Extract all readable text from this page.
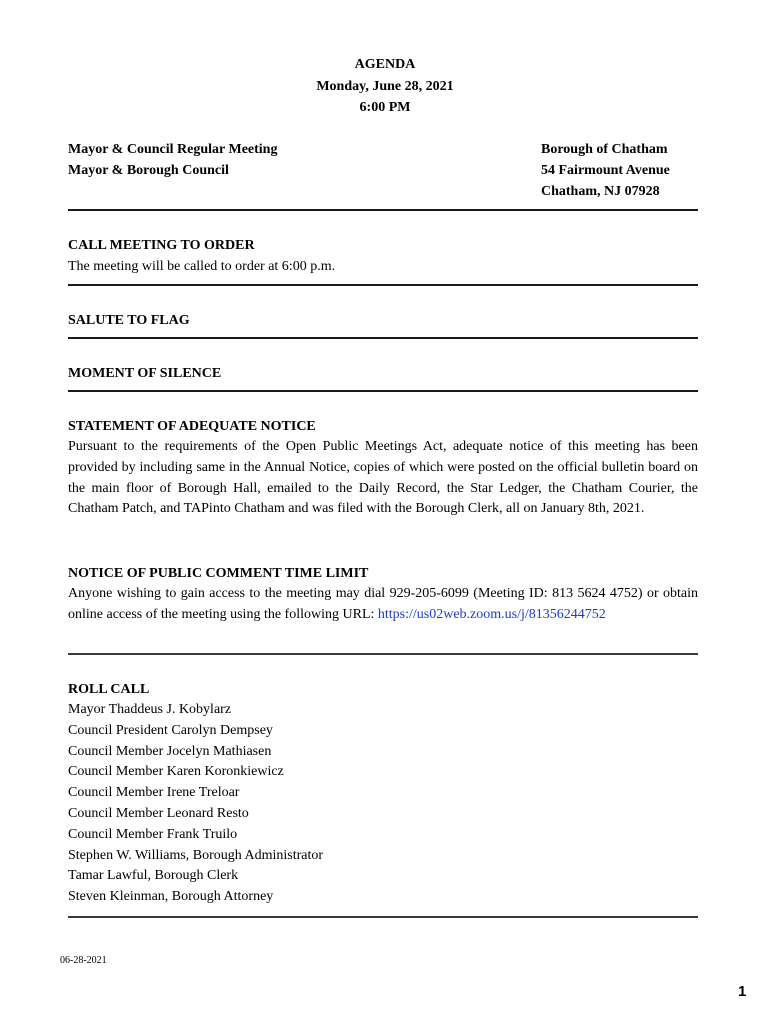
AGENDA
Monday, June 28, 2021
6:00 PM
Mayor & Council Regular Meeting
Mayor & Borough Council
Borough of Chatham
54 Fairmount Avenue
Chatham, NJ 07928
CALL MEETING TO ORDER
The meeting will be called to order at 6:00 p.m.
SALUTE TO FLAG
MOMENT OF SILENCE
STATEMENT OF ADEQUATE NOTICE
Pursuant to the requirements of the Open Public Meetings Act, adequate notice of this meeting has been provided by including same in the Annual Notice, copies of which were posted on the official bulletin board on the main floor of Borough Hall, emailed to the Daily Record, the Star Ledger, the Chatham Courier, the Chatham Patch, and TAPinto Chatham and was filed with the Borough Clerk, all on January 8th, 2021.
NOTICE OF PUBLIC COMMENT TIME LIMIT
Anyone wishing to gain access to the meeting may dial 929-205-6099 (Meeting ID: 813 5624 4752) or obtain online access of the meeting using the following URL: https://us02web.zoom.us/j/81356244752
ROLL CALL
Mayor Thaddeus J. Kobylarz
Council President Carolyn Dempsey
Council Member Jocelyn Mathiasen
Council Member Karen Koronkiewicz
Council Member Irene Treloar
Council Member Leonard Resto
Council Member Frank Truilo
Stephen W. Williams, Borough Administrator
Tamar Lawful, Borough Clerk
Steven Kleinman, Borough Attorney
06-28-2021
1
